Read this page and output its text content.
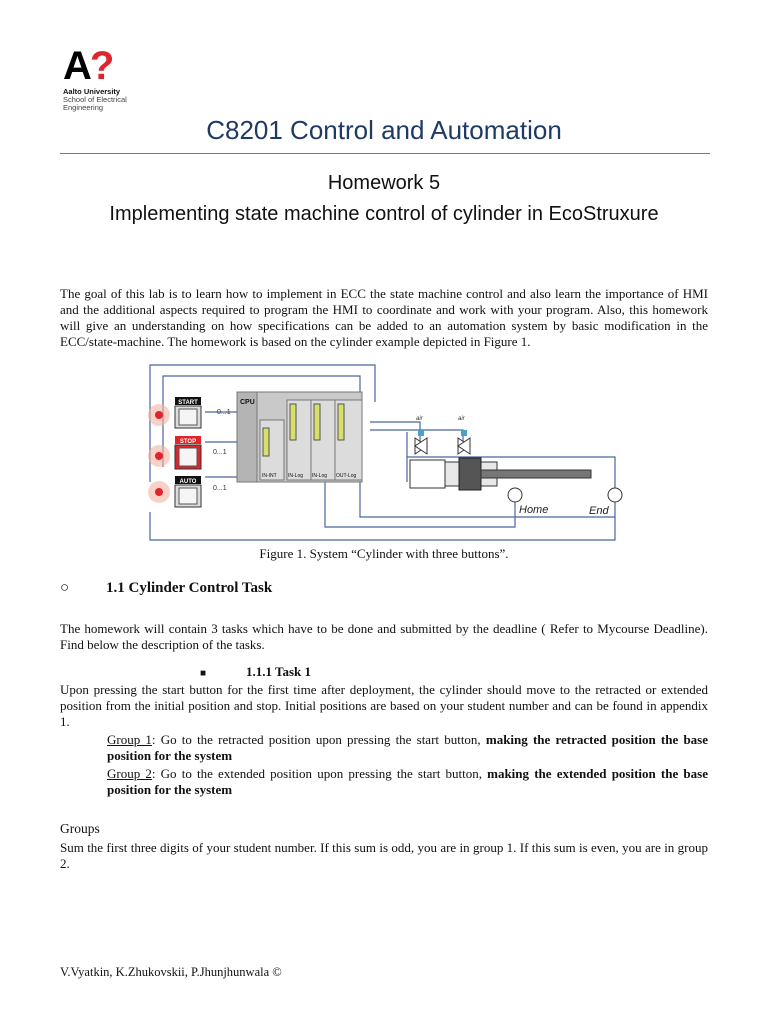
A?
Aalto University
School of Electrical
Engineering
C8201 Control and Automation
Homework 5
Implementing state machine control of cylinder in EcoStruxure
The goal of this lab is to learn how to implement in ECC the state machine control and also learn the importance of HMI and the additional aspects required to program the HMI to coordinate and work with your program. Also, this homework will give an understanding on how specifications can be added to an automation system by basic modification in the ECC/state-machine. The homework is based on the cylinder example depicted in Figure 1.
START
0...1
STOP
0...1
AUTO
0...1
CPU
IN-INT IN-Log IN-Log OUT-Log
air	air
Home	End
Figure 1. System “Cylinder with three buttons”.
○ 1.1 Cylinder Control Task
The homework will contain 3 tasks which have to be done and submitted by the deadline ( Refer to Mycourse Deadline). Find below the description of the tasks.
■	1.1.1 Task 1
Upon pressing the start button for the first time after deployment, the cylinder should move to the retracted or extended position from the initial position and stop. Initial positions are based on your student number and can be found in appendix 1.
Group 1: Go to the retracted position upon pressing the start button, making the retracted position the base position for the system
Group 2: Go to the extended position upon pressing the start button, making the extended position the base position for the system
Groups
Sum the first three digits of your student number. If this sum is odd, you are in group 1. If this sum is even, you are in group 2.
V.Vyatkin, K.Zhukovskii, P.Jhunjhunwala ©
